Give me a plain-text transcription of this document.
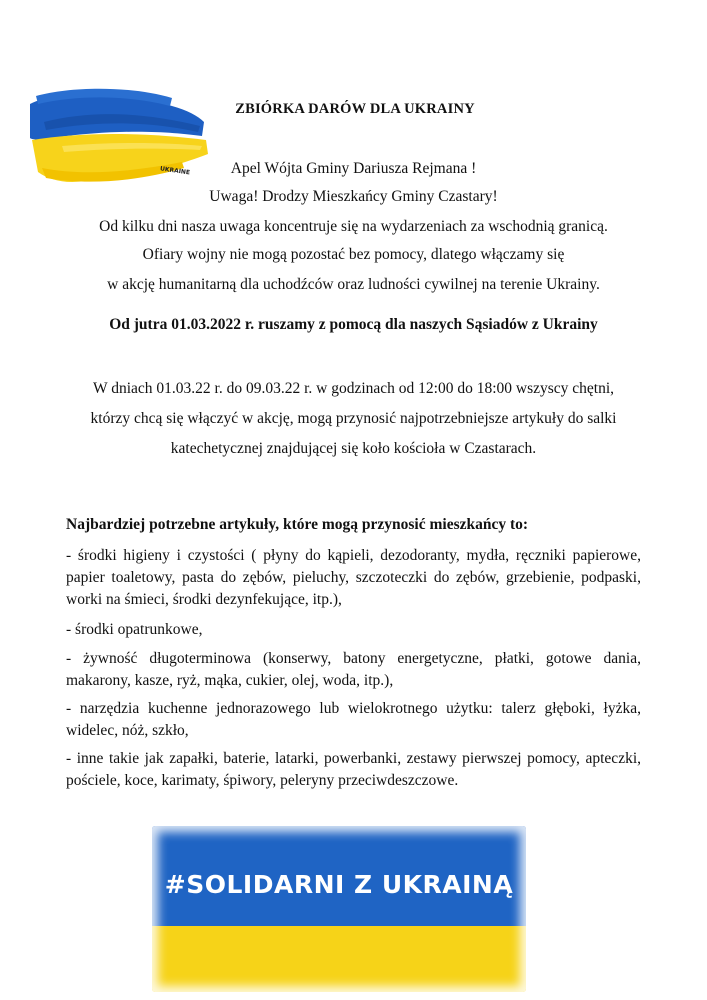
UKRAINE
ZBIÓRKA DARÓW DLA UKRAINY
Apel Wójta Gminy Dariusza Rejmana !
Uwaga! Drodzy Mieszkańcy Gminy Czastary!
Od kilku dni nasza uwaga koncentruje się na wydarzeniach za wschodnią granicą.
Ofiary wojny nie mogą pozostać bez pomocy, dlatego włączamy się
w akcję humanitarną dla uchodźców oraz ludności cywilnej na terenie Ukrainy.
Od jutra 01.03.2022 r. ruszamy z pomocą dla naszych Sąsiadów z Ukrainy
W dniach 01.03.22 r. do 09.03.22 r. w godzinach od 12:00 do 18:00 wszyscy chętni,
którzy chcą się włączyć w akcję, mogą przynosić najpotrzebniejsze artykuły do salki
katechetycznej znajdującej się koło kościoła w Czastarach.
Najbardziej potrzebne artykuły, które mogą przynosić mieszkańcy to:
- środki higieny i czystości ( płyny do kąpieli, dezodoranty, mydła, ręczniki papierowe, papier toaletowy, pasta do zębów, pieluchy, szczoteczki do zębów, grzebienie, podpaski, worki na śmieci, środki dezynfekujące, itp.),
- środki opatrunkowe,
- żywność długoterminowa (konserwy, batony energetyczne, płatki, gotowe dania, makarony, kasze, ryż, mąka, cukier, olej, woda, itp.),
- narzędzia kuchenne jednorazowego lub wielokrotnego użytku: talerz głęboki, łyżka, widelec, nóż, szkło,
- inne takie jak zapałki, baterie, latarki, powerbanki, zestawy pierwszej pomocy, apteczki, pościele, koce, karimaty, śpiwory, peleryny przeciwdeszczowe.
#SOLIDARNI Z UKRAINĄ
